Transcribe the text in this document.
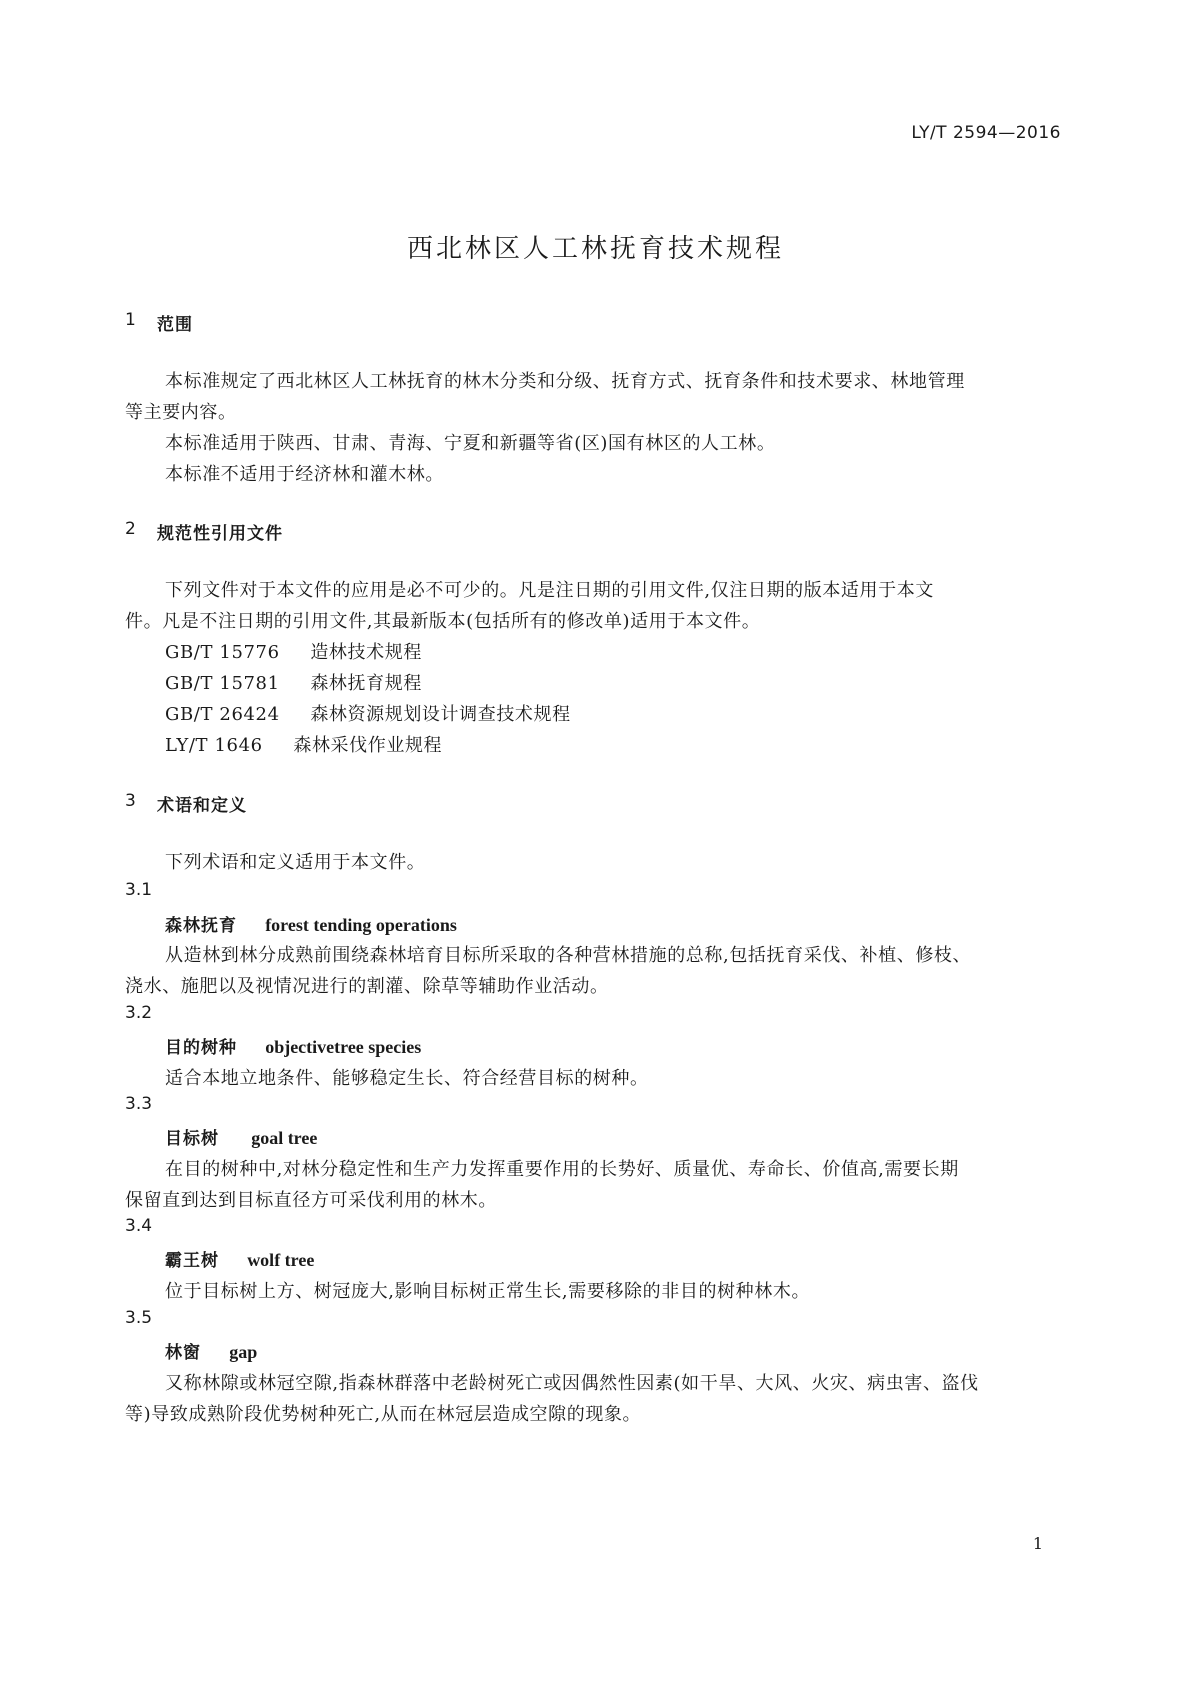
LY/T 2594—2016
西北林区人工林抚育技术规程
1 范围
本标准规定了西北林区人工林抚育的林木分类和分级、抚育方式、抚育条件和技术要求、林地管理
等主要内容。
本标准适用于陕西、甘肃、青海、宁夏和新疆等省(区)国有林区的人工林。
本标准不适用于经济林和灌木林。
2 规范性引用文件
下列文件对于本文件的应用是必不可少的。凡是注日期的引用文件,仅注日期的版本适用于本文
件。凡是不注日期的引用文件,其最新版本(包括所有的修改单)适用于本文件。
GB/T 15776 造林技术规程
GB/T 15781 森林抚育规程
GB/T 26424 森林资源规划设计调查技术规程
LY/T 1646 森林采伐作业规程
3 术语和定义
下列术语和定义适用于本文件。
3.1
森林抚育 forest tending operations
从造林到林分成熟前围绕森林培育目标所采取的各种营林措施的总称,包括抚育采伐、补植、修枝、
浇水、施肥以及视情况进行的割灌、除草等辅助作业活动。
3.2
目的树种 objectivetree species
适合本地立地条件、能够稳定生长、符合经营目标的树种。
3.3
目标树 goal tree
在目的树种中,对林分稳定性和生产力发挥重要作用的长势好、质量优、寿命长、价值高,需要长期
保留直到达到目标直径方可采伐利用的林木。
3.4
霸王树 wolf tree
位于目标树上方、树冠庞大,影响目标树正常生长,需要移除的非目的树种林木。
3.5
林窗 gap
又称林隙或林冠空隙,指森林群落中老龄树死亡或因偶然性因素(如干旱、大风、火灾、病虫害、盗伐
等)导致成熟阶段优势树种死亡,从而在林冠层造成空隙的现象。
1
